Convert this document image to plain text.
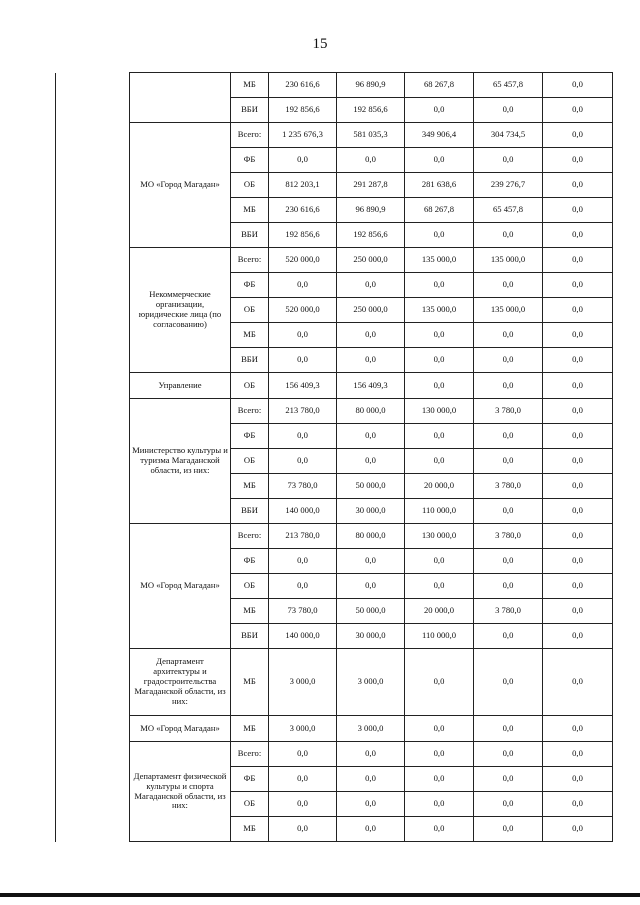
15
		МБ	230 616,6	96 890,9	68 267,8	65 457,8	0,0
		ВБИ	192 856,6	192 856,6	0,0	0,0	0,0
	МО «Город Магадан»	Всего:	1 235 676,3	581 035,3	349 906,4	304 734,5	0,0
		ФБ	0,0	0,0	0,0	0,0	0,0
		ОБ	812 203,1	291 287,8	281 638,6	239 276,7	0,0
		МБ	230 616,6	96 890,9	68 267,8	65 457,8	0,0
		ВБИ	192 856,6	192 856,6	0,0	0,0	0,0
	Некоммерческие организации, юридические лица (по согласованию)	Всего:	520 000,0	250 000,0	135 000,0	135 000,0	0,0
		ФБ	0,0	0,0	0,0	0,0	0,0
		ОБ	520 000,0	250 000,0	135 000,0	135 000,0	0,0
		МБ	0,0	0,0	0,0	0,0	0,0
		ВБИ	0,0	0,0	0,0	0,0	0,0
	Управление	ОБ	156 409,3	156 409,3	0,0	0,0	0,0
	Министерство культуры и туризма Магаданской области, из них:	Всего:	213 780,0	80 000,0	130 000,0	3 780,0	0,0
		ФБ	0,0	0,0	0,0	0,0	0,0
		ОБ	0,0	0,0	0,0	0,0	0,0
		МБ	73 780,0	50 000,0	20 000,0	3 780,0	0,0
		ВБИ	140 000,0	30 000,0	110 000,0	0,0	0,0
	МО «Город Магадан»	Всего:	213 780,0	80 000,0	130 000,0	3 780,0	0,0
		ФБ	0,0	0,0	0,0	0,0	0,0
		ОБ	0,0	0,0	0,0	0,0	0,0
		МБ	73 780,0	50 000,0	20 000,0	3 780,0	0,0
		ВБИ	140 000,0	30 000,0	110 000,0	0,0	0,0
	Департамент архитектуры и градостроительства Магаданской области, из них:	МБ	3 000,0	3 000,0	0,0	0,0	0,0
	МО «Город Магадан»	МБ	3 000,0	3 000,0	0,0	0,0	0,0
	Департамент физической культуры и спорта Магаданской области, из них:	Всего:	0,0	0,0	0,0	0,0	0,0
		ФБ	0,0	0,0	0,0	0,0	0,0
		ОБ	0,0	0,0	0,0	0,0	0,0
		МБ	0,0	0,0	0,0	0,0	0,0
